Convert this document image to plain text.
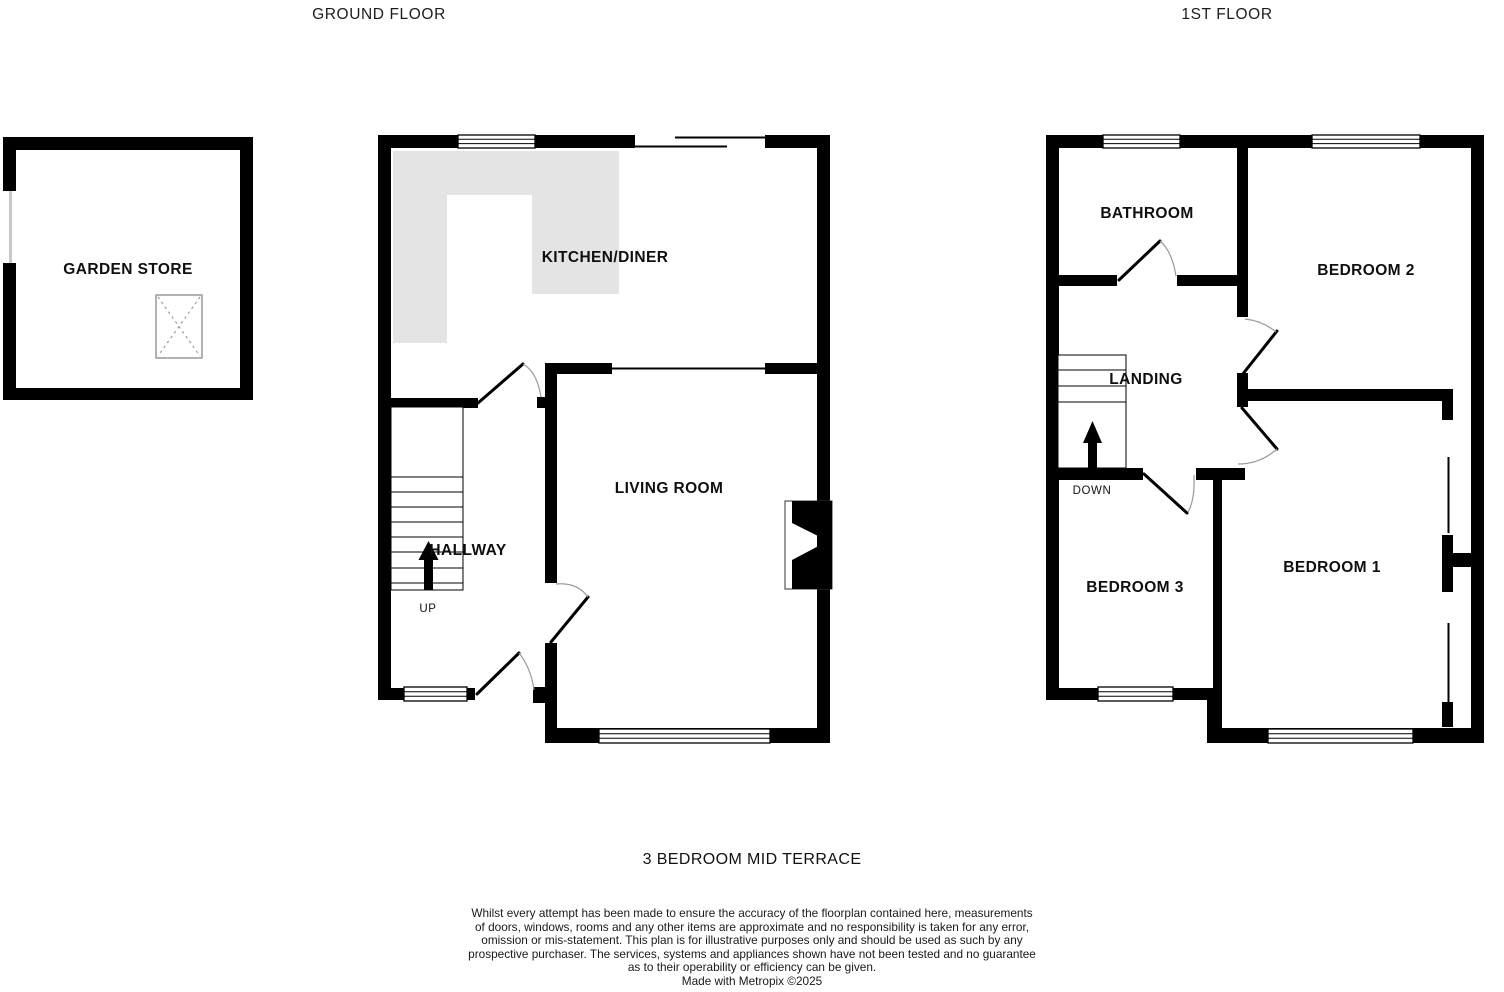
GROUND FLOOR	1ST FLOOR
GARDEN STORE
UP
KITCHEN/DINER
LIVING ROOM
HALLWAY
DOWN
BATHROOM
BEDROOM 2
LANDING
BEDROOM 3
BEDROOM 1
3 BEDROOM MID TERRACE
Whilst every attempt has been made to ensure the accuracy of the floorplan contained here, measurements
of doors, windows, rooms and any other items are approximate and no responsibility is taken for any error,
omission or mis-statement. This plan is for illustrative purposes only and should be used as such by any
prospective purchaser. The services, systems and appliances shown have not been tested and no guarantee
as to their operability or efficiency can be given.
Made with Metropix ©2025
